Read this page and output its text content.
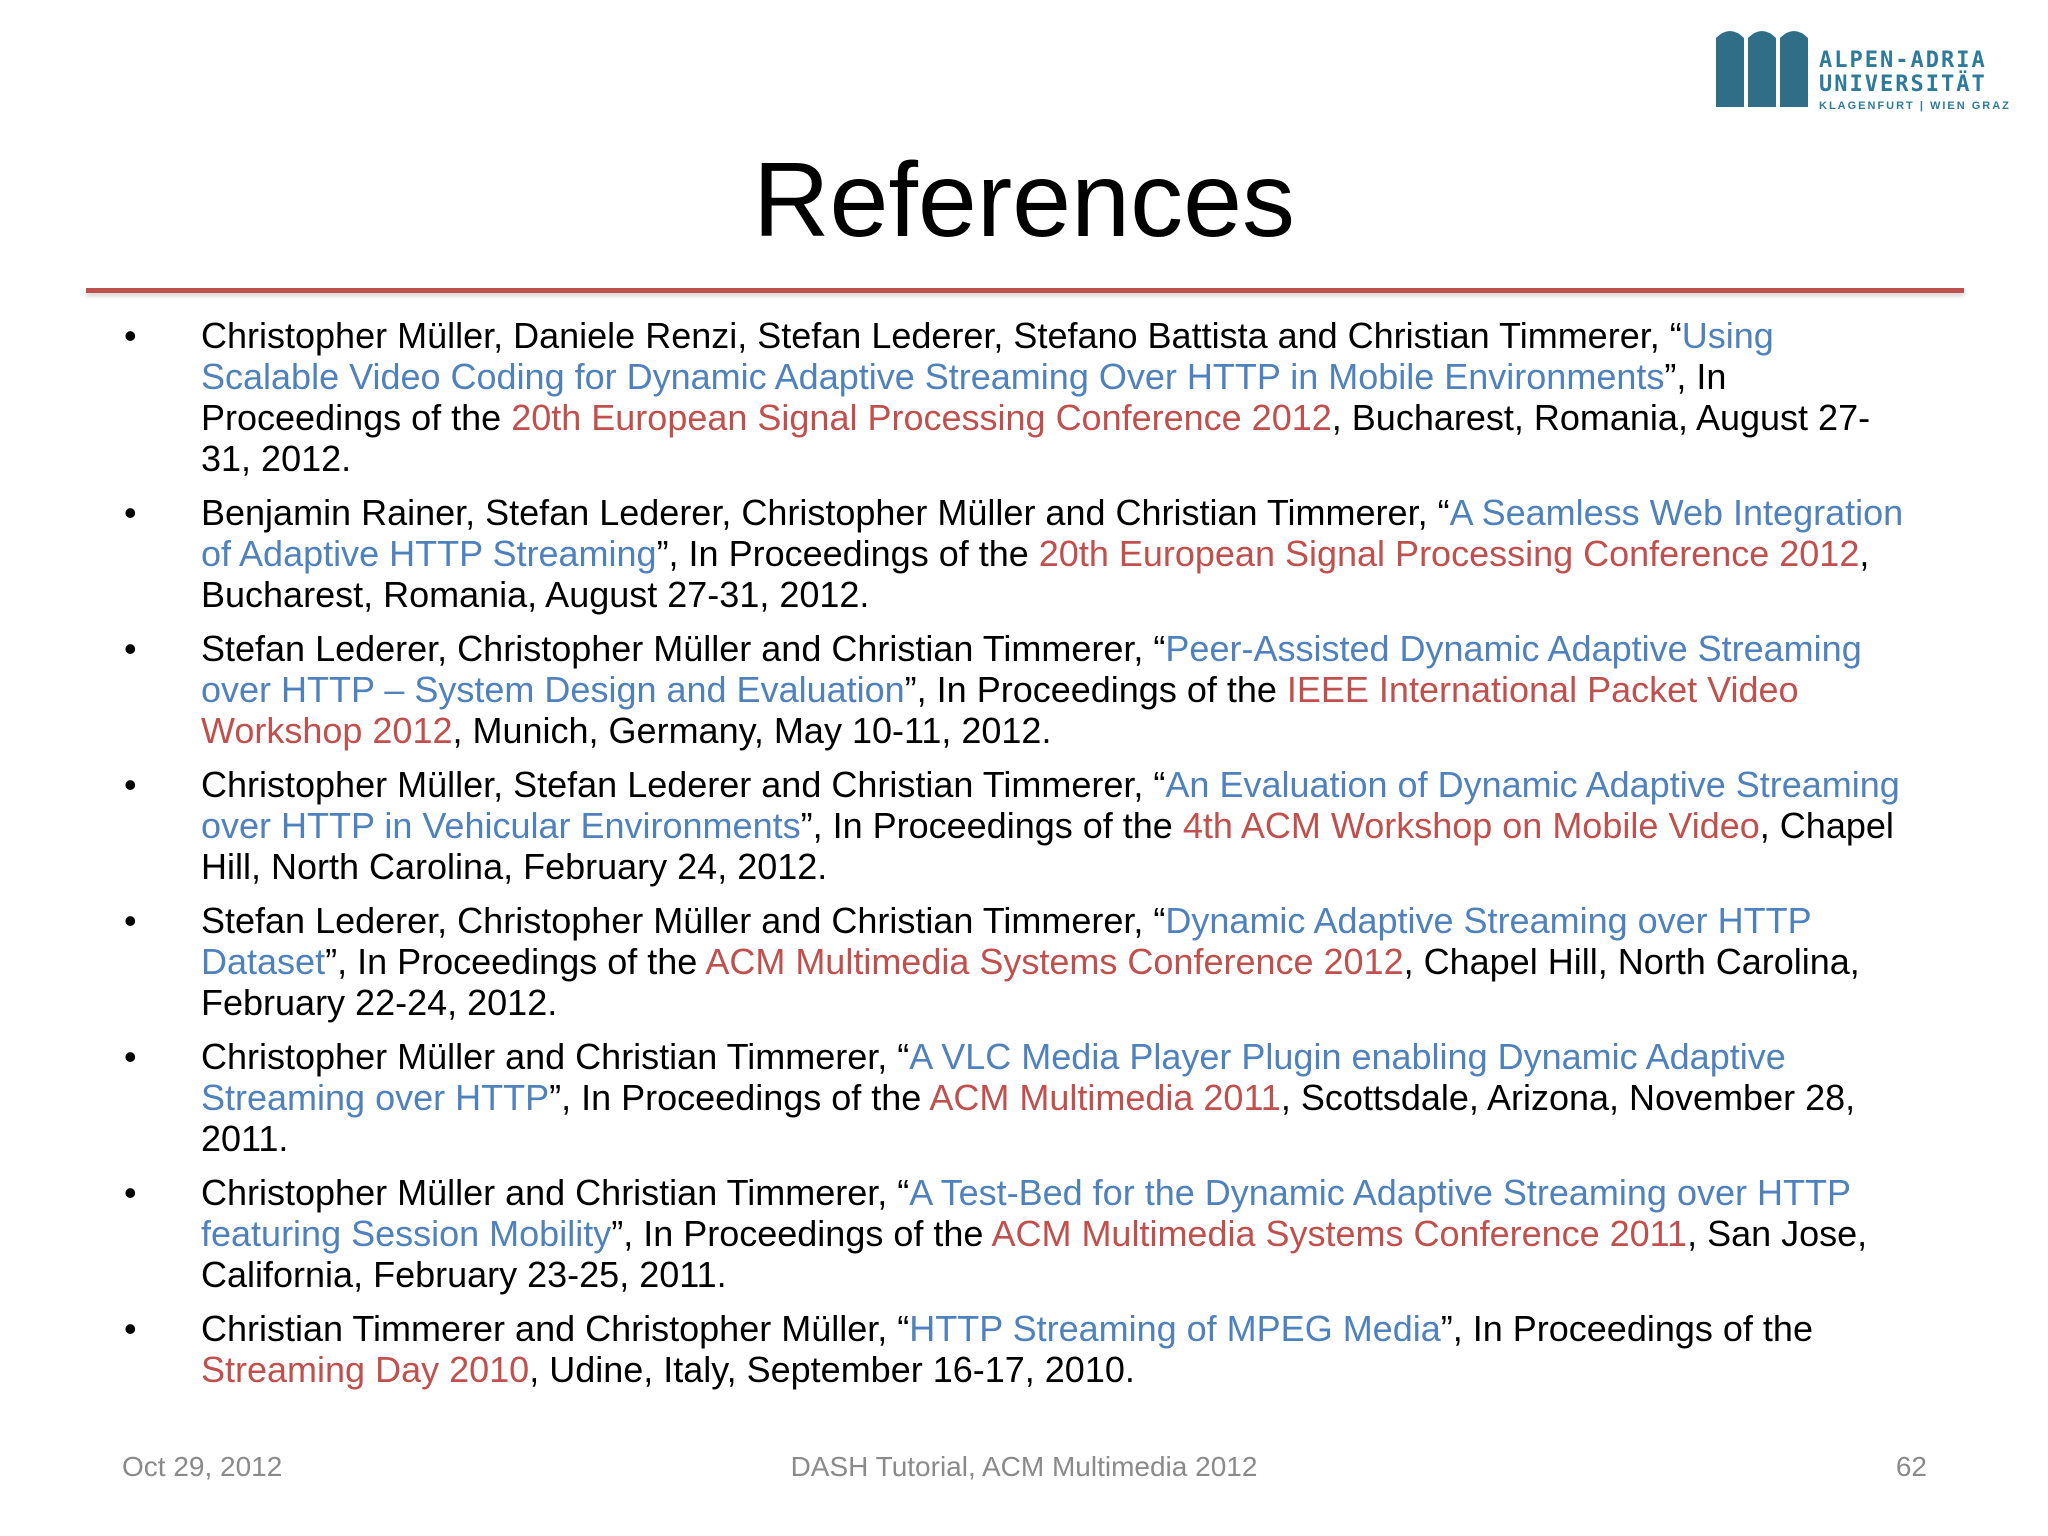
ALPEN-ADRIA
UNIVERSITÄT
KLAGENFURT | WIEN GRAZ
References
• Christopher Müller, Daniele Renzi, Stefan Lederer, Stefano Battista and Christian Timmerer, “Using Scalable Video Coding for Dynamic Adaptive Streaming Over HTTP in Mobile Environments”, In Proceedings of the 20th European Signal Processing Conference 2012, Bucharest, Romania, August 27-31, 2012.
• Benjamin Rainer, Stefan Lederer, Christopher Müller and Christian Timmerer, “A Seamless Web Integration of Adaptive HTTP Streaming”, In Proceedings of the 20th European Signal Processing Conference 2012, Bucharest, Romania, August 27-31, 2012.
• Stefan Lederer, Christopher Müller and Christian Timmerer, “Peer-Assisted Dynamic Adaptive Streaming over HTTP – System Design and Evaluation”, In Proceedings of the IEEE International Packet Video Workshop 2012, Munich, Germany, May 10-11, 2012.
• Christopher Müller, Stefan Lederer and Christian Timmerer, “An Evaluation of Dynamic Adaptive Streaming over HTTP in Vehicular Environments”, In Proceedings of the 4th ACM Workshop on Mobile Video, Chapel Hill, North Carolina, February 24, 2012.
• Stefan Lederer, Christopher Müller and Christian Timmerer, “Dynamic Adaptive Streaming over HTTP Dataset”, In Proceedings of the ACM Multimedia Systems Conference 2012, Chapel Hill, North Carolina, February 22-24, 2012.
• Christopher Müller and Christian Timmerer, “A VLC Media Player Plugin enabling Dynamic Adaptive Streaming over HTTP”, In Proceedings of the ACM Multimedia 2011, Scottsdale, Arizona, November 28, 2011.
• Christopher Müller and Christian Timmerer, “A Test-Bed for the Dynamic Adaptive Streaming over HTTP featuring Session Mobility”, In Proceedings of the ACM Multimedia Systems Conference 2011, San Jose, California, February 23-25, 2011.
• Christian Timmerer and Christopher Müller, “HTTP Streaming of MPEG Media”, In Proceedings of the Streaming Day 2010, Udine, Italy, September 16-17, 2010.
Oct 29, 2012	DASH Tutorial, ACM Multimedia 2012	62
